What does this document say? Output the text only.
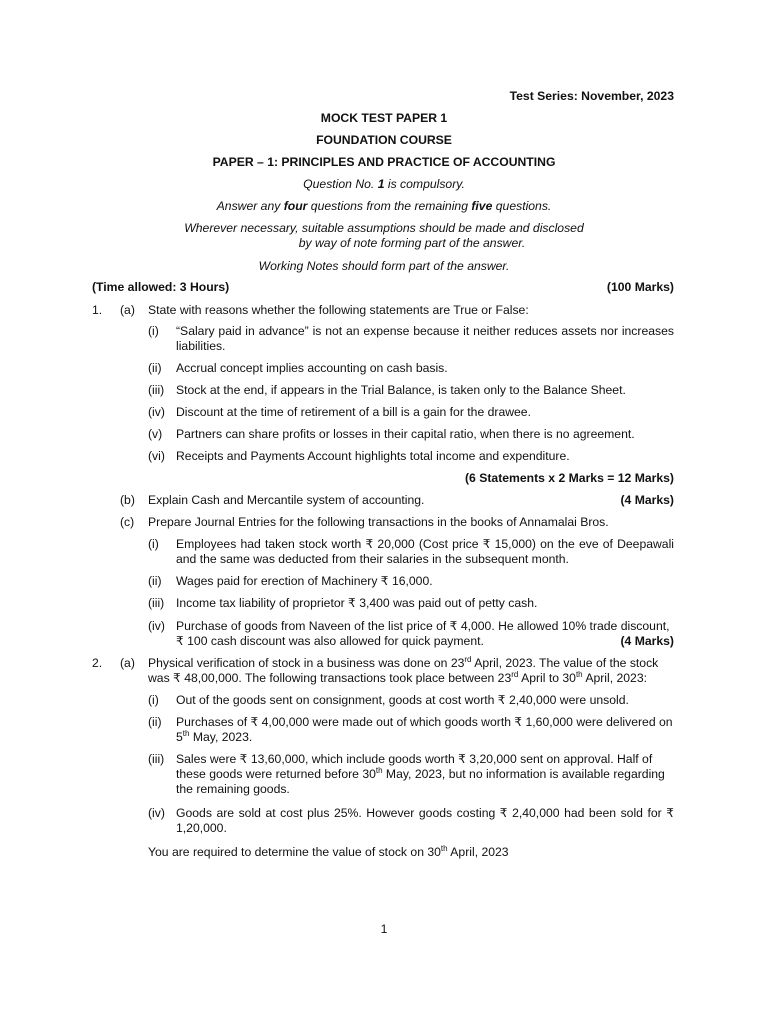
Test Series: November, 2023
MOCK TEST PAPER 1
FOUNDATION COURSE
PAPER – 1: PRINCIPLES AND PRACTICE OF ACCOUNTING
Question No. 1 is compulsory.
Answer any four questions from the remaining five questions.
Wherever necessary, suitable assumptions should be made and disclosed
by way of note forming part of the answer.
Working Notes should form part of the answer.
(Time allowed: 3 Hours)	(100 Marks)
1. (a) State with reasons whether the following statements are True or False:
(i) “Salary paid in advance” is not an expense because it neither reduces assets nor increases liabilities.
(ii) Accrual concept implies accounting on cash basis.
(iii) Stock at the end, if appears in the Trial Balance, is taken only to the Balance Sheet.
(iv) Discount at the time of retirement of a bill is a gain for the drawee.
(v) Partners can share profits or losses in their capital ratio, when there is no agreement.
(vi) Receipts and Payments Account highlights total income and expenditure.
(6 Statements x 2 Marks = 12 Marks)
(b) Explain Cash and Mercantile system of accounting.	(4 Marks)
(c) Prepare Journal Entries for the following transactions in the books of Annamalai Bros.
(i) Employees had taken stock worth ₹ 20,000 (Cost price ₹ 15,000) on the eve of Deepawali and the same was deducted from their salaries in the subsequent month.
(ii) Wages paid for erection of Machinery ₹ 16,000.
(iii) Income tax liability of proprietor ₹ 3,400 was paid out of petty cash.
(iv) Purchase of goods from Naveen of the list price of ₹ 4,000. He allowed 10% trade discount,
₹ 100 cash discount was also allowed for quick payment.	(4 Marks)
2. (a) Physical verification of stock in a business was done on 23rd April, 2023. The value of the stock
was ₹ 48,00,000. The following transactions took place between 23rd April to 30th April, 2023:
(i) Out of the goods sent on consignment, goods at cost worth ₹ 2,40,000 were unsold.
(ii) Purchases of ₹ 4,00,000 were made out of which goods worth ₹ 1,60,000 were delivered on
5th May, 2023.
(iii) Sales were ₹ 13,60,000, which include goods worth ₹ 3,20,000 sent on approval. Half of
these goods were returned before 30th May, 2023, but no information is available regarding
the remaining goods.
(iv) Goods are sold at cost plus 25%. However goods costing ₹ 2,40,000 had been sold for ₹ 1,20,000.
You are required to determine the value of stock on 30th April, 2023
1
